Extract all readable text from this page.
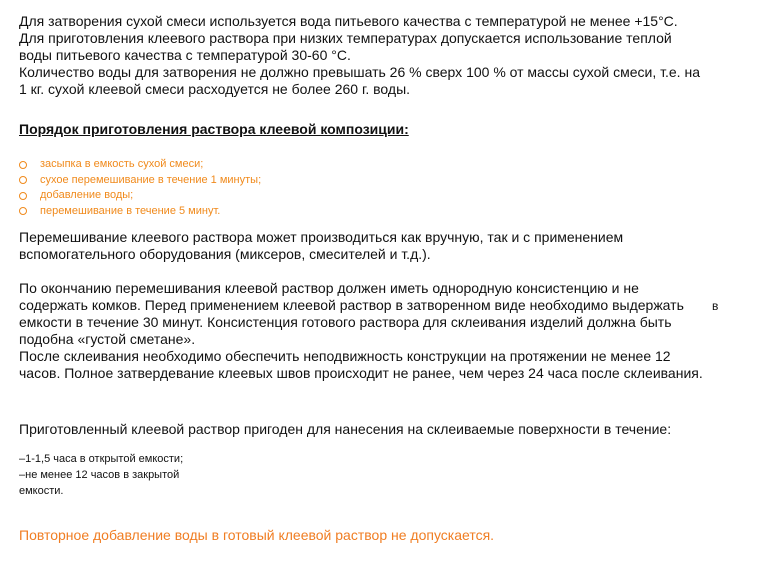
Для затворения сухой смеси используется вода питьевого качества с температурой не менее +15°С.
Для приготовления клеевого раствора при низких температурах допускается использование теплой
воды питьевого качества с температурой 30-60 °С.
Количество воды для затворения не должно превышать 26 % сверх 100 % от массы сухой смеси, т.е. на
1 кг. сухой клеевой смеси расходуется не более 260 г. воды.
Порядок приготовления раствора клеевой композиции:
засыпка в емкость сухой смеси;
сухое перемешивание в течение 1 минуты;
добавление воды;
перемешивание в течение 5 минут.
Перемешивание клеевого раствора может производиться как вручную, так и с применением
вспомогательного оборудования (миксеров, смесителей и т.д.).
По окончанию перемешивания клеевой раствор должен иметь однородную консистенцию и не
содержать комков. Перед применением клеевой раствор в затворенном виде необходимо выдержать
емкости в течение 30 минут. Консистенция готового раствора для склеивания изделий должна быть
подобна «густой сметане».
После склеивания необходимо обеспечить неподвижность конструкции на протяжении не менее 12
часов. Полное затвердевание клеевых швов происходит не ранее, чем через 24 часа после склеивания.
в
Приготовленный клеевой раствор пригоден для нанесения на склеиваемые поверхности в течение:
–1-1,5 часа в открытой емкости;
–не менее 12 часов в закрытой
емкости.
Повторное добавление воды в готовый клеевой раствор не допускается.
